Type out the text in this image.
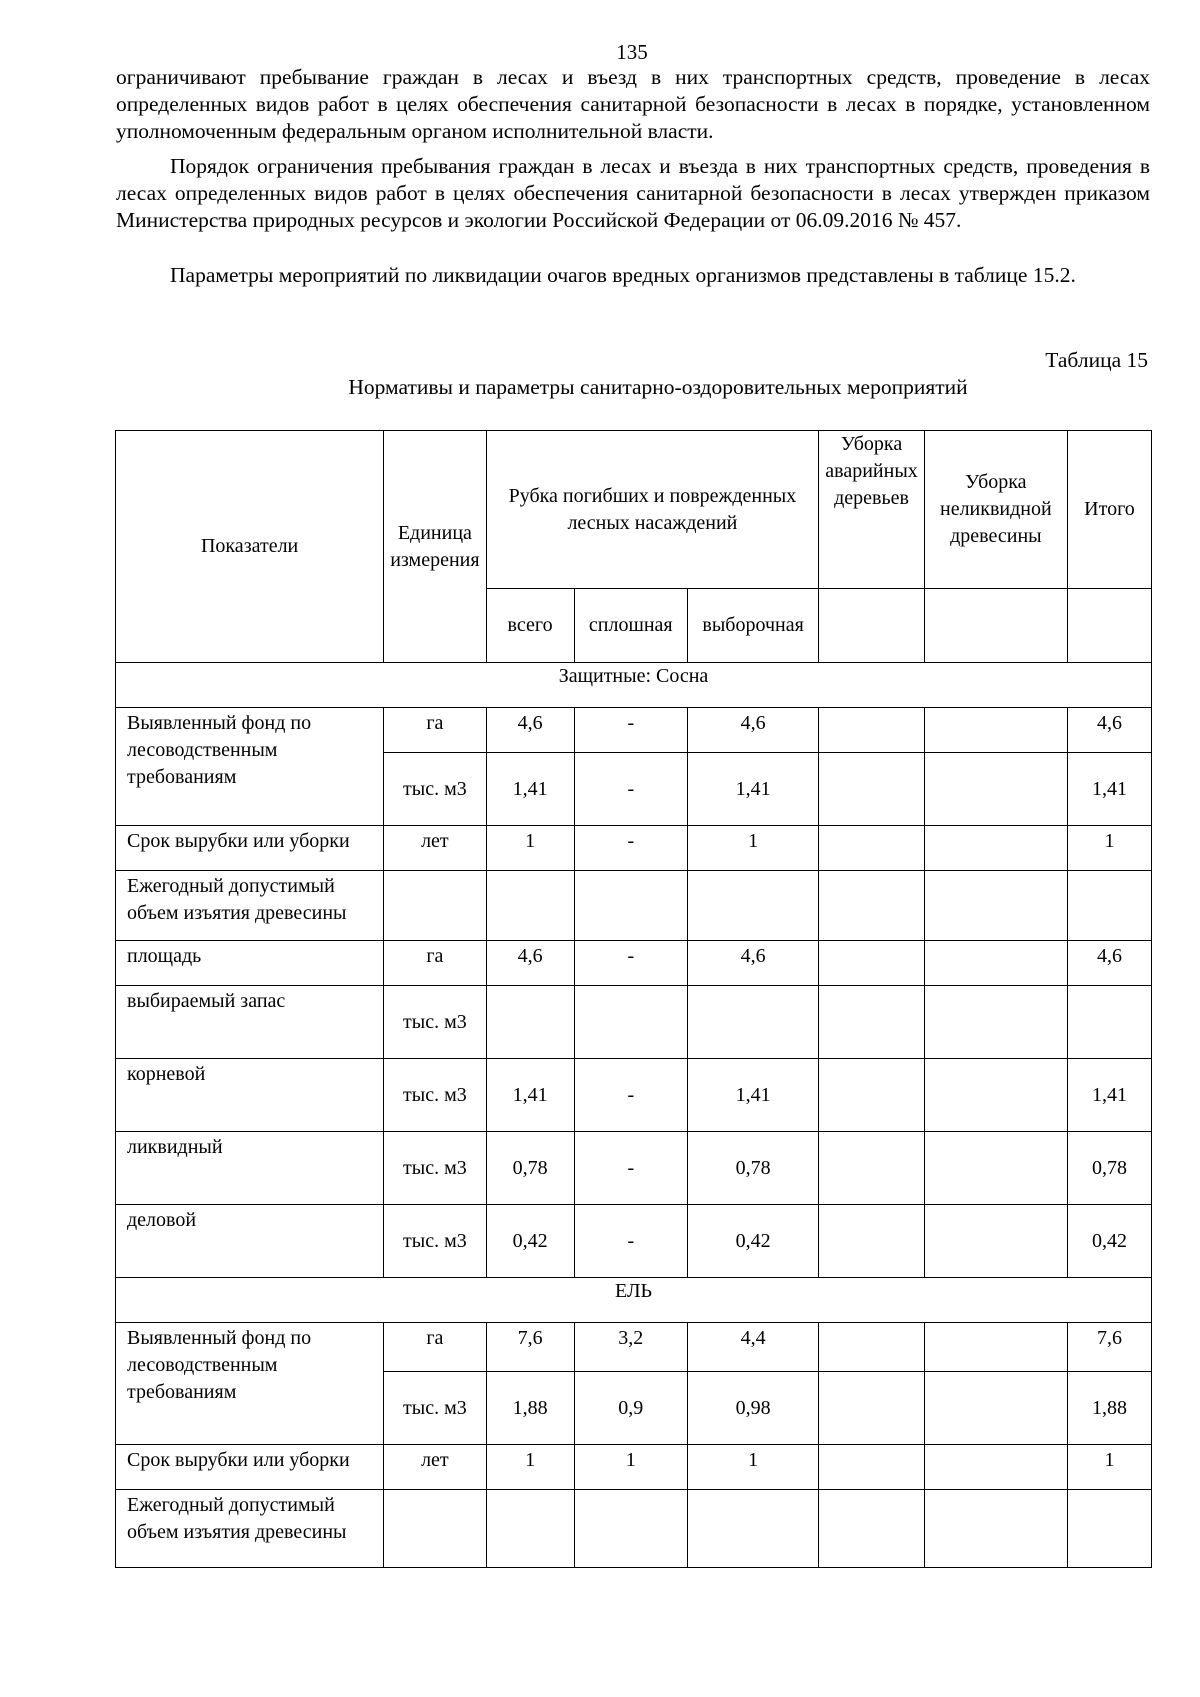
135

ограничивают пребывание граждан в лесах и въезд в них транспортных средств, проведение в лесах определенных видов работ в целях обеспечения санитарной безопасности в лесах в порядке, установленном уполномоченным федеральным органом исполнительной власти.

Порядок ограничения пребывания граждан в лесах и въезда в них транспортных средств, проведения в лесах определенных видов работ в целях обеспечения санитарной безопасности в лесах утвержден приказом Министерства природных ресурсов и экологии Российской Федерации от 06.09.2016 № 457.

Параметры мероприятий по ликвидации очагов вредных организмов представлены в таблице 15.2.

Таблица 15
Нормативы и параметры санитарно-оздоровительных мероприятий
Показатели	Единица измерения	Рубка погибших и поврежденных лесных насаждений			Уборка аварийных деревьев	Уборка неликвидной древесины	Итого
		всего	сплошная	выборочная			
Защитные: Сосна							
Выявленный фонд по лесоводственным требованиям	га	4,6	-	4,6			4,6
	тыс. м3	1,41	-	1,41			1,41
Срок вырубки или уборки	лет	1	-	1			1
Ежегодный допустимый объем изъятия древесины							
площадь	га	4,6	-	4,6			4,6
выбираемый запас	тыс. м3						
корневой	тыс. м3	1,41	-	1,41			1,41
ликвидный	тыс. м3	0,78	-	0,78			0,78
деловой	тыс. м3	0,42	-	0,42			0,42
ЕЛЬ							
Выявленный фонд по лесоводственным требованиям	га	7,6	3,2	4,4			7,6
	тыс. м3	1,88	0,9	0,98			1,88
Срок вырубки или уборки	лет	1	1	1			1
Ежегодный допустимый объем изъятия древесины							
